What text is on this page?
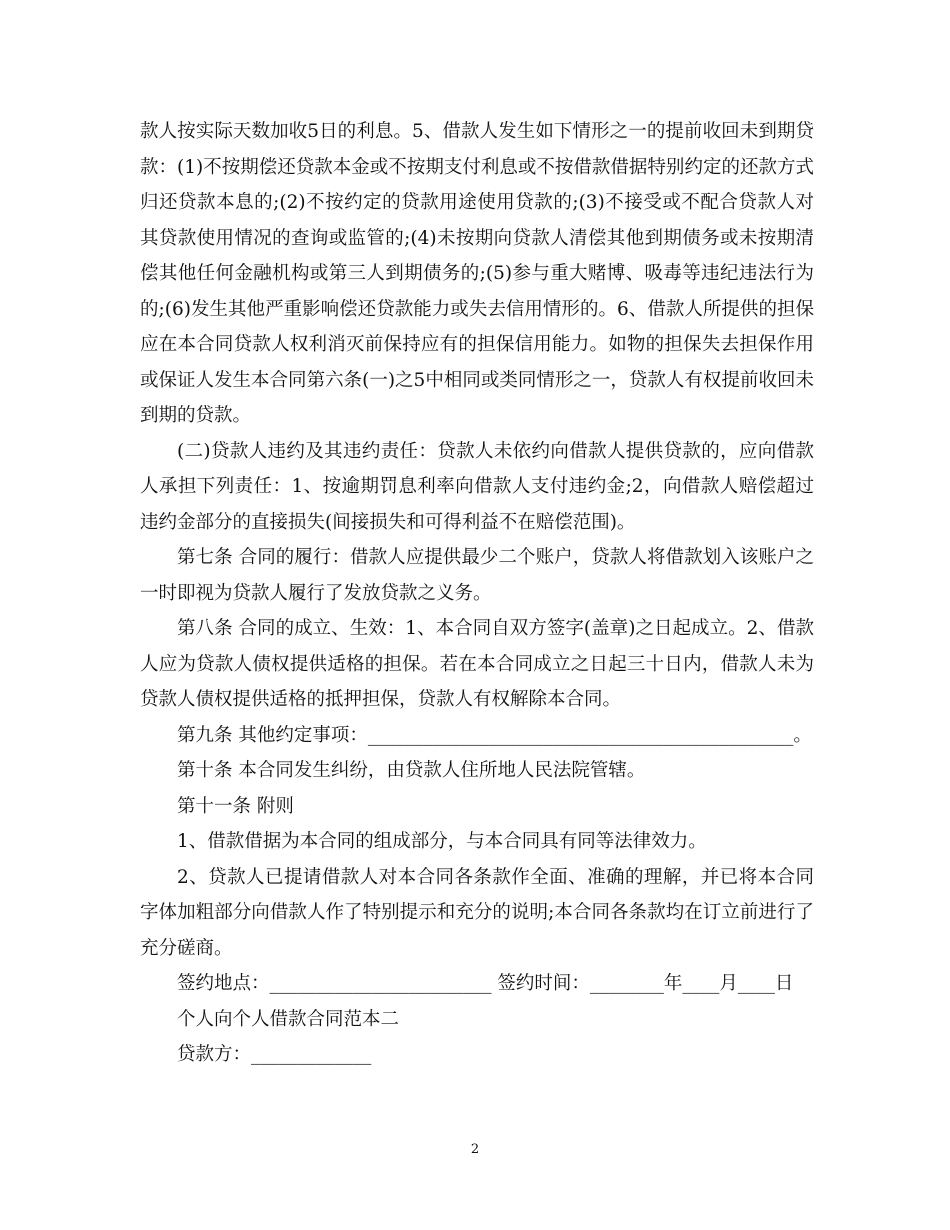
款人按实际天数加收5日的利息。5、借款人发生如下情形之一的提前收回未到期贷款：(1)不按期偿还贷款本金或不按期支付利息或不按借款借据特别约定的还款方式归还贷款本息的;(2)不按约定的贷款用途使用贷款的;(3)不接受或不配合贷款人对其贷款使用情况的查询或监管的;(4)未按期向贷款人清偿其他到期债务或未按期清偿其他任何金融机构或第三人到期债务的;(5)参与重大赌博、吸毒等违纪违法行为的;(6)发生其他严重影响偿还贷款能力或失去信用情形的。6、借款人所提供的担保应在本合同贷款人权利消灭前保持应有的担保信用能力。如物的担保失去担保作用或保证人发生本合同第六条(一)之5中相同或类同情形之一，贷款人有权提前收回未到期的贷款。

(二)贷款人违约及其违约责任：贷款人未依约向借款人提供贷款的，应向借款人承担下列责任：1、按逾期罚息利率向借款人支付违约金;2，向借款人赔偿超过违约金部分的直接损失(间接损失和可得利益不在赔偿范围)。

第七条 合同的履行：借款人应提供最少二个账户，贷款人将借款划入该账户之一时即视为贷款人履行了发放贷款之义务。

第八条 合同的成立、生效：1、本合同自双方签字(盖章)之日起成立。2、借款人应为贷款人债权提供适格的担保。若在本合同成立之日起三十日内，借款人未为贷款人债权提供适格的抵押担保，贷款人有权解除本合同。

第九条 其他约定事项：______________________________________________。

第十条 本合同发生纠纷，由贷款人住所地人民法院管辖。

第十一条 附则

1、借款借据为本合同的组成部分，与本合同具有同等法律效力。

2、贷款人已提请借款人对本合同各条款作全面、准确的理解，并已将本合同字体加粗部分向借款人作了特别提示和充分的说明;本合同各条款均在订立前进行了充分磋商。

签约地点：________________________ 签约时间：________年____月____日

个人向个人借款合同范本二

贷款方：_____________

2
